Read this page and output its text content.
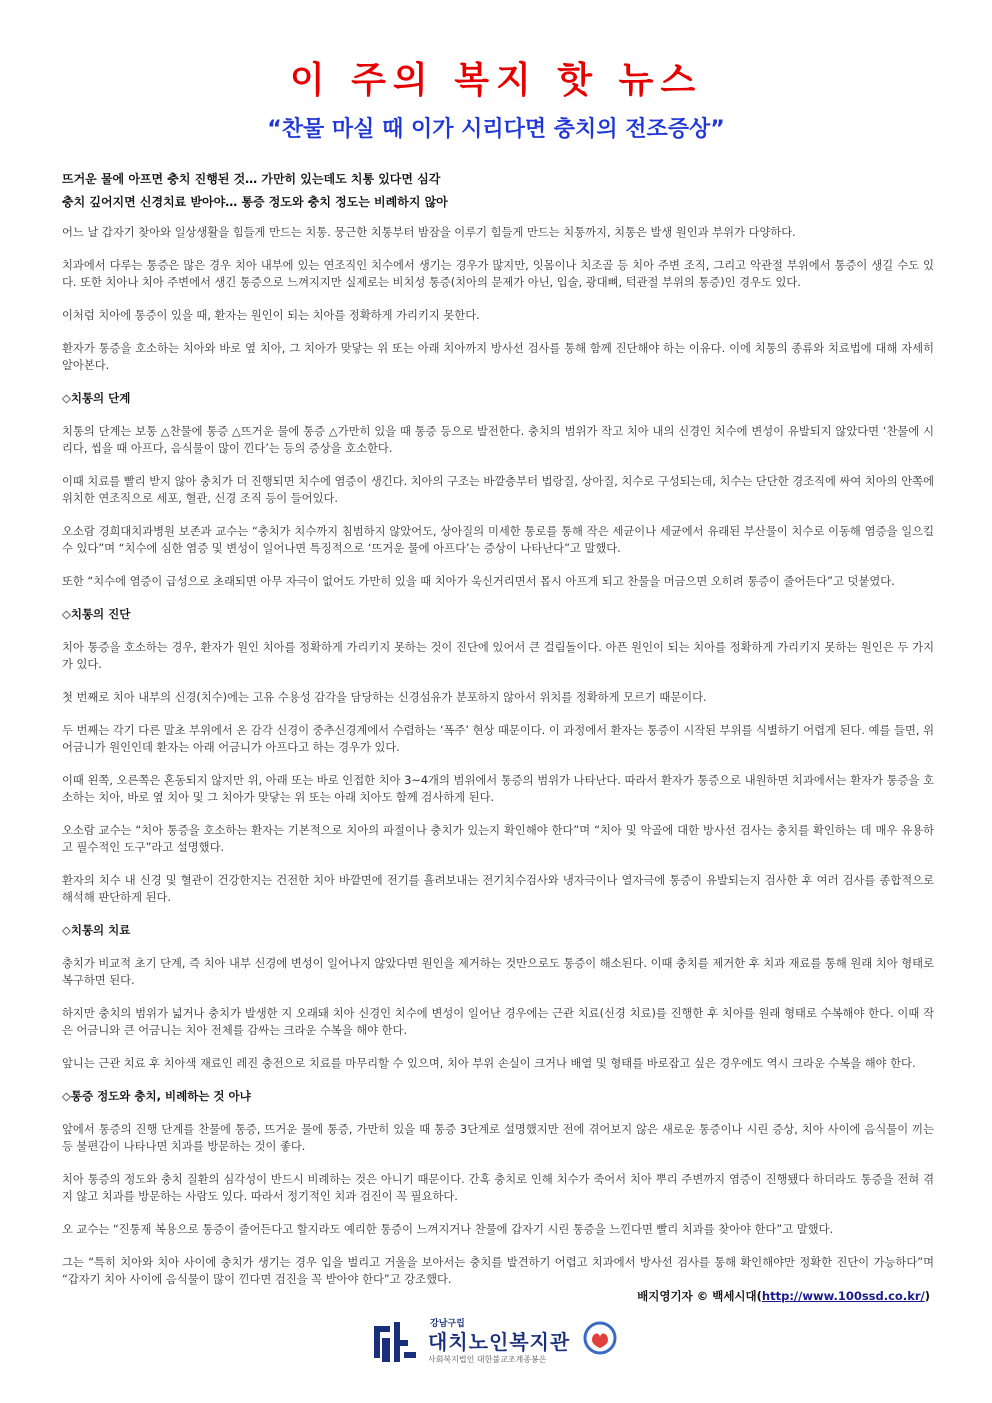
이 주의 복지 핫 뉴스
“찬물 마실 때 이가 시리다면 충치의 전조증상”
뜨거운 물에 아프면 충치 진행된 것… 가만히 있는데도 치통 있다면 심각
충치 깊어지면 신경치료 받아야… 통증 정도와 충치 정도는 비례하지 않아
어느 날 갑자기 찾아와 일상생활을 힘들게 만드는 치통. 뭉근한 치통부터 밤잠을 이루기 힘들게 만드는 치통까지, 치통은 발생 원인과 부위가 다양하다.
치과에서 다루는 통증은 많은 경우 치아 내부에 있는 연조직인 치수에서 생기는 경우가 많지만, 잇몸이나 치조골 등 치아 주변 조직, 그리고 악관절 부위에서 통증이 생길 수도 있다. 또한 치아나 치아 주변에서 생긴 통증으로 느껴지지만 실제로는 비치성 통증(치아의 문제가 아닌, 입술, 광대뼈, 턱관절 부위의 통증)인 경우도 있다.
이처럼 치아에 통증이 있을 때, 환자는 원인이 되는 치아를 정확하게 가리키지 못한다.
환자가 통증을 호소하는 치아와 바로 옆 치아, 그 치아가 맞닿는 위 또는 아래 치아까지 방사선 검사를 통해 함께 진단해야 하는 이유다. 이에 치통의 종류와 치료법에 대해 자세히 알아본다.
◇치통의 단계
치통의 단계는 보통 △찬물에 통증 △뜨거운 물에 통증 △가만히 있을 때 통증 등으로 발전한다. 충치의 범위가 작고 치아 내의 신경인 치수에 변성이 유발되지 않았다면 ‘찬물에 시리다, 씹을 때 아프다, 음식물이 많이 낀다’는 등의 증상을 호소한다.
이때 치료를 빨리 받지 않아 충치가 더 진행되면 치수에 염증이 생긴다. 치아의 구조는 바깥층부터 법랑질, 상아질, 치수로 구성되는데, 치수는 단단한 경조직에 싸여 치아의 안쪽에 위치한 연조직으로 세포, 혈관, 신경 조직 등이 들어있다.
오소람 경희대치과병원 보존과 교수는 “충치가 치수까지 침범하지 않았어도, 상아질의 미세한 통로를 통해 작은 세균이나 세균에서 유래된 부산물이 치수로 이동해 염증을 일으킬 수 있다”며 “치수에 심한 염증 및 변성이 일어나면 특징적으로 ‘뜨거운 물에 아프다’는 증상이 나타난다”고 말했다.
또한 “치수에 염증이 급성으로 초래되면 아무 자극이 없어도 가만히 있을 때 치아가 욱신거리면서 몹시 아프게 되고 찬물을 머금으면 오히려 통증이 줄어든다”고 덧붙였다.
◇치통의 진단
치아 통증을 호소하는 경우, 환자가 원인 치아를 정확하게 가리키지 못하는 것이 진단에 있어서 큰 걸림돌이다. 아픈 원인이 되는 치아를 정확하게 가리키지 못하는 원인은 두 가지가 있다.
첫 번째로 치아 내부의 신경(치수)에는 고유 수용성 감각을 담당하는 신경섬유가 분포하지 않아서 위치를 정확하게 모르기 때문이다.
두 번째는 각기 다른 말초 부위에서 온 감각 신경이 중추신경계에서 수렴하는 ‘폭주’ 현상 때문이다. 이 과정에서 환자는 통증이 시작된 부위를 식별하기 어렵게 된다. 예를 들면, 위 어금니가 원인인데 환자는 아래 어금니가 아프다고 하는 경우가 있다.
이때 왼쪽, 오른쪽은 혼동되지 않지만 위, 아래 또는 바로 인접한 치아 3~4개의 범위에서 통증의 범위가 나타난다. 따라서 환자가 통증으로 내원하면 치과에서는 환자가 통증을 호소하는 치아, 바로 옆 치아 및 그 치아가 맞닿는 위 또는 아래 치아도 함께 검사하게 된다.
오소람 교수는 “치아 통증을 호소하는 환자는 기본적으로 치아의 파절이나 충치가 있는지 확인해야 한다”며 “치아 및 악골에 대한 방사선 검사는 충치를 확인하는 데 매우 유용하고 필수적인 도구”라고 설명했다.
환자의 치수 내 신경 및 혈관이 건강한지는 건전한 치아 바깥면에 전기를 흘려보내는 전기치수검사와 냉자극이나 열자극에 통증이 유발되는지 검사한 후 여러 검사를 종합적으로 해석해 판단하게 된다.
◇치통의 치료
충치가 비교적 초기 단계, 즉 치아 내부 신경에 변성이 일어나지 않았다면 원인을 제거하는 것만으로도 통증이 해소된다. 이때 충치를 제거한 후 치과 재료를 통해 원래 치아 형태로 복구하면 된다.
하지만 충치의 범위가 넓거나 충치가 발생한 지 오래돼 치아 신경인 치수에 변성이 일어난 경우에는 근관 치료(신경 치료)를 진행한 후 치아를 원래 형태로 수복해야 한다. 이때 작은 어금니와 큰 어금니는 치아 전체를 감싸는 크라운 수복을 해야 한다.
앞니는 근관 치료 후 치아색 재료인 레진 충전으로 치료를 마무리할 수 있으며, 치아 부위 손실이 크거나 배열 및 형태를 바로잡고 싶은 경우에도 역시 크라운 수복을 해야 한다.
◇통증 정도와 충치, 비례하는 것 아냐
앞에서 통증의 진행 단계를 찬물에 통증, 뜨거운 물에 통증, 가만히 있을 때 통증 3단계로 설명했지만 전에 겪어보지 않은 새로운 통증이나 시린 증상, 치아 사이에 음식물이 끼는 등 불편감이 나타나면 치과를 방문하는 것이 좋다.
치아 통증의 정도와 충치 질환의 심각성이 반드시 비례하는 것은 아니기 때문이다. 간혹 충치로 인해 치수가 죽어서 치아 뿌리 주변까지 염증이 진행됐다 하더라도 통증을 전혀 겪지 않고 치과를 방문하는 사람도 있다. 따라서 정기적인 치과 검진이 꼭 필요하다.
오 교수는 “진통제 복용으로 통증이 줄어든다고 할지라도 예리한 통증이 느껴지거나 찬물에 갑자기 시린 통증을 느낀다면 빨리 치과를 찾아야 한다”고 말했다.
그는 “특히 치아와 치아 사이에 충치가 생기는 경우 입을 벌리고 거울을 보아서는 충치를 발견하기 어렵고 치과에서 방사선 검사를 통해 확인해야만 정확한 진단이 가능하다”며 “갑자기 치아 사이에 음식물이 많이 낀다면 검진을 꼭 받아야 한다”고 강조했다.
배지영기자 © 백세시대(http://www.100ssd.co.kr/)
강남구립
대치노인복지관
사회복지법인 대한불교조계종봉은
